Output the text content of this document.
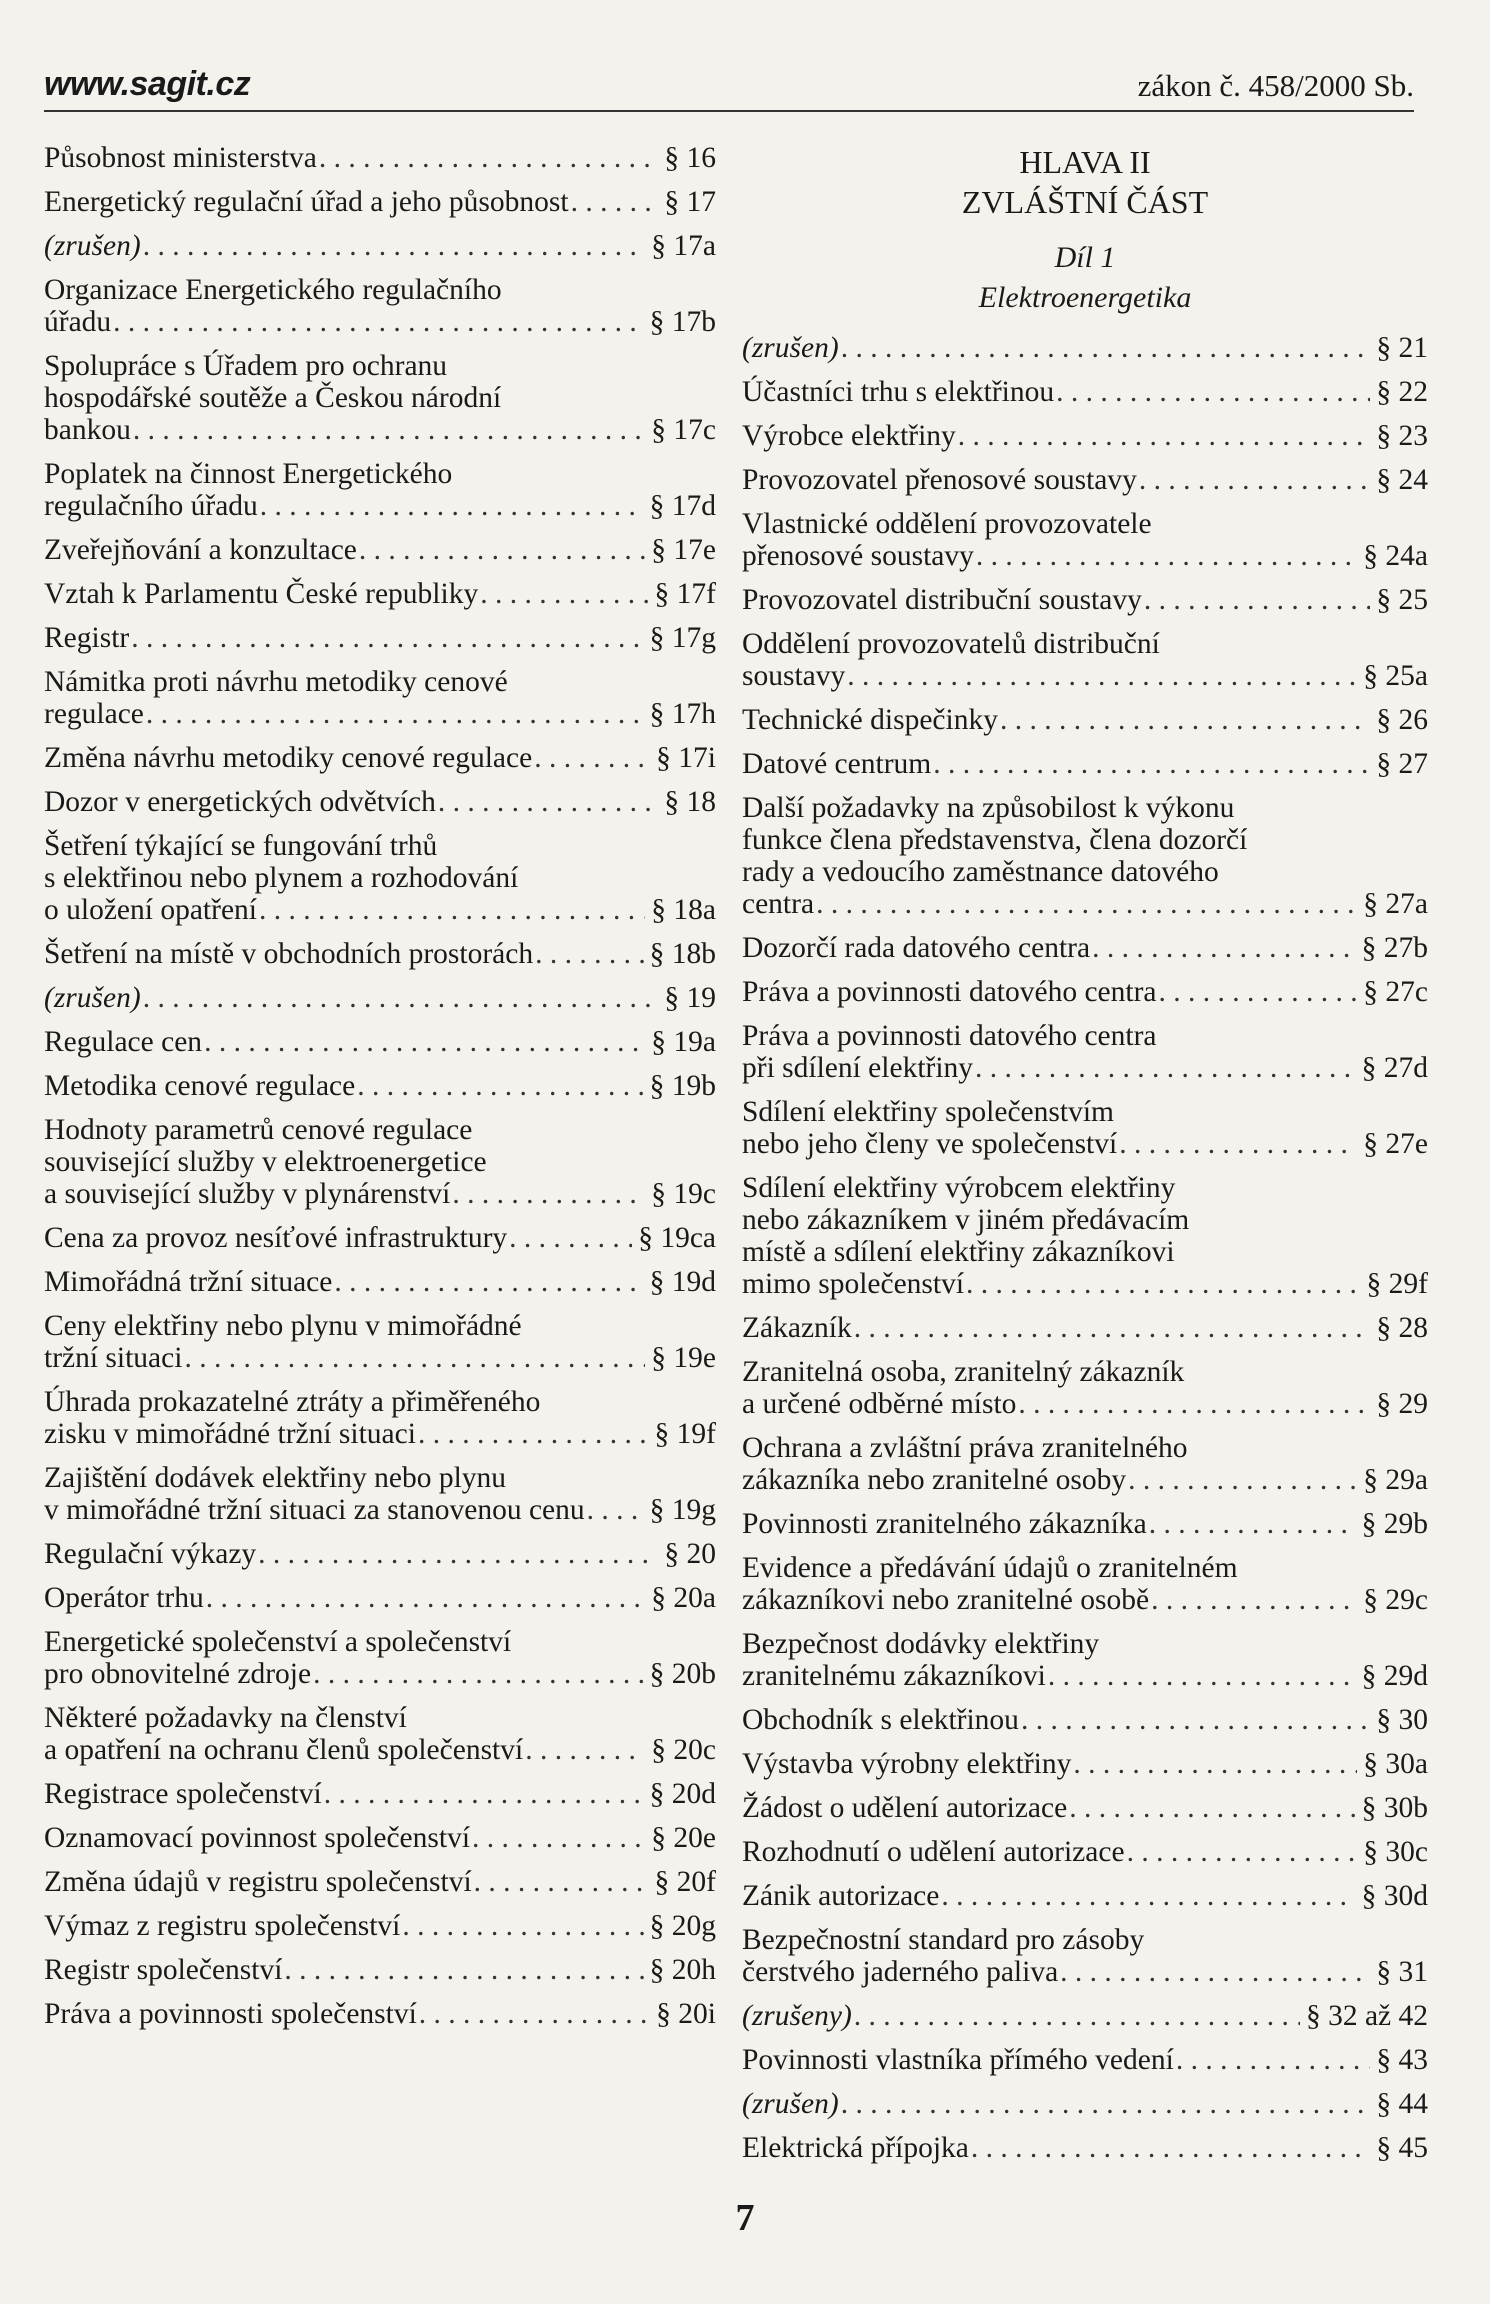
www.sagit.cz	zákon č. 458/2000 Sb.
Působnost ministerstva . . .	§ 16
Energetický regulační úřad a jeho působnost . . .	§ 17
(zrušen) . . .	§ 17a
Organizace Energetického regulačního
úřadu . . .	§ 17b
Spolupráce s Úřadem pro ochranu
hospodářské soutěže a Českou národní
bankou . . .	§ 17c
Poplatek na činnost Energetického
regulačního úřadu . . .	§ 17d
Zveřejňování a konzultace . . .	§ 17e
Vztah k Parlamentu České republiky . . .	§ 17f
Registr . . .	§ 17g
Námitka proti návrhu metodiky cenové
regulace . . .	§ 17h
Změna návrhu metodiky cenové regulace . . .	§ 17i
Dozor v energetických odvětvích . . .	§ 18
Šetření týkající se fungování trhů
s elektřinou nebo plynem a rozhodování
o uložení opatření . . .	§ 18a
Šetření na místě v obchodních prostorách . . .	§ 18b
(zrušen) . . .	§ 19
Regulace cen . . .	§ 19a
Metodika cenové regulace . . .	§ 19b
Hodnoty parametrů cenové regulace
související služby v elektroenergetice
a související služby v plynárenství . . .	§ 19c
Cena za provoz nesíťové infrastruktury . . .	§ 19ca
Mimořádná tržní situace . . .	§ 19d
Ceny elektřiny nebo plynu v mimořádné
tržní situaci . . .	§ 19e
Úhrada prokazatelné ztráty a přiměřeného
zisku v mimořádné tržní situaci . . .	§ 19f
Zajištění dodávek elektřiny nebo plynu
v mimořádné tržní situaci za stanovenou cenu . . . § 19g
Regulační výkazy . . .	§ 20
Operátor trhu . . .	§ 20a
Energetické společenství a společenství
pro obnovitelné zdroje . . .	§ 20b
Některé požadavky na členství
a opatření na ochranu členů společenství . . .	§ 20c
Registrace společenství . . .	§ 20d
Oznamovací povinnost společenství . . .	§ 20e
Změna údajů v registru společenství . . .	§ 20f
Výmaz z registru společenství . . .	§ 20g
Registr společenství . . .	§ 20h
Práva a povinnosti společenství . . .	§ 20i
HLAVA II
ZVLÁŠTNÍ ČÁST
Díl 1
Elektroenergetika
(zrušen) . . .	§ 21
Účastníci trhu s elektřinou . . .	§ 22
Výrobce elektřiny . . .	§ 23
Provozovatel přenosové soustavy . . .	§ 24
Vlastnické oddělení provozovatele
přenosové soustavy . . .	§ 24a
Provozovatel distribuční soustavy . . .	§ 25
Oddělení provozovatelů distribuční
soustavy . . .	§ 25a
Technické dispečinky . . .	§ 26
Datové centrum . . .	§ 27
Další požadavky na způsobilost k výkonu
funkce člena představenstva, člena dozorčí
rady a vedoucího zaměstnance datového
centra . . .	§ 27a
Dozorčí rada datového centra . . .	§ 27b
Práva a povinnosti datového centra . . .	§ 27c
Práva a povinnosti datového centra
při sdílení elektřiny . . .	§ 27d
Sdílení elektřiny společenstvím
nebo jeho členy ve společenství . . .	§ 27e
Sdílení elektřiny výrobcem elektřiny
nebo zákazníkem v jiném předávacím
místě a sdílení elektřiny zákazníkovi
mimo společenství . . .	§ 29f
Zákazník . . .	§ 28
Zranitelná osoba, zranitelný zákazník
a určené odběrné místo . . .	§ 29
Ochrana a zvláštní práva zranitelného
zákazníka nebo zranitelné osoby . . .	§ 29a
Povinnosti zranitelného zákazníka . . .	§ 29b
Evidence a předávání údajů o zranitelném
zákazníkovi nebo zranitelné osobě . . .	§ 29c
Bezpečnost dodávky elektřiny
zranitelnému zákazníkovi . . .	§ 29d
Obchodník s elektřinou . . .	§ 30
Výstavba výrobny elektřiny . . .	§ 30a
Žádost o udělení autorizace . . .	§ 30b
Rozhodnutí o udělení autorizace . . .	§ 30c
Zánik autorizace . . .	§ 30d
Bezpečnostní standard pro zásoby
čerstvého jaderného paliva . . .	§ 31
(zrušeny) . . .	§ 32 až 42
Povinnosti vlastníka přímého vedení . . .	§ 43
(zrušen) . . .	§ 44
Elektrická přípojka . . .	§ 45
7
